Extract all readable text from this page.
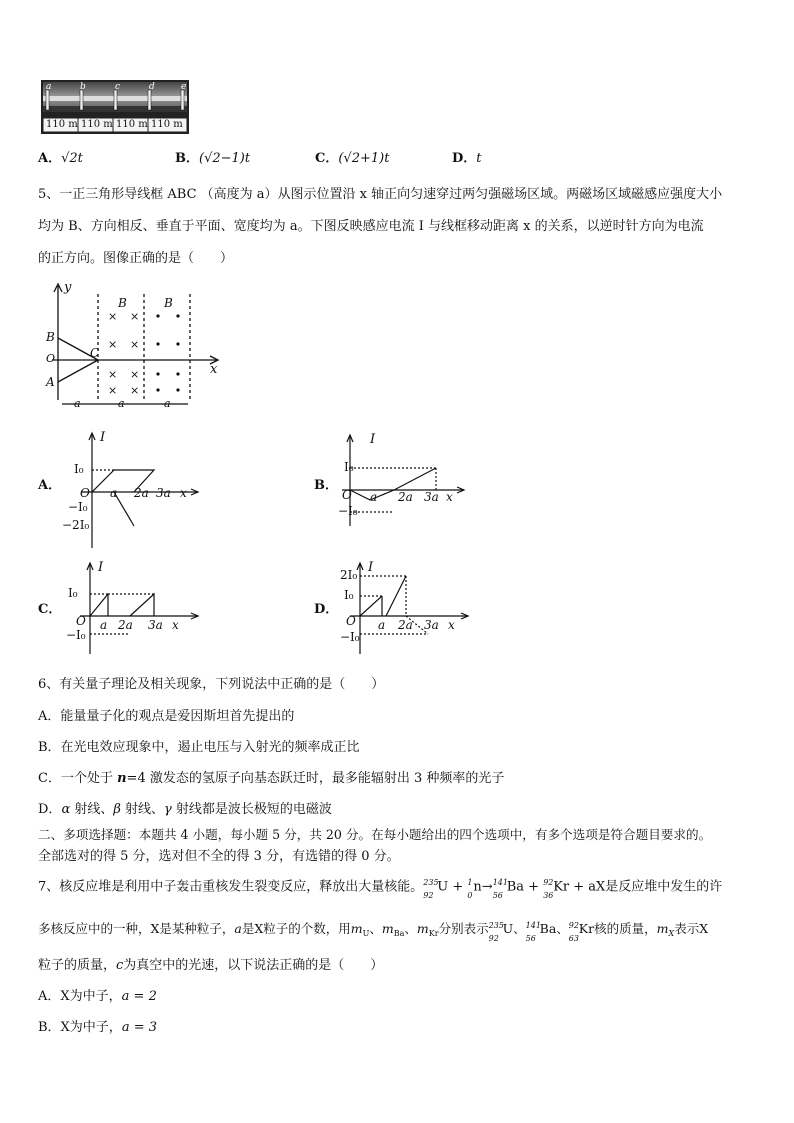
a	b	c	d	e
110 m 110 m 110 m 110 m
A．√2t	B．(√2−1)t	C．(√2+1)t	D．t
5、一正三角形导线框 ABC （高度为 a）从图示位置沿 x 轴正向匀速穿过两匀强磁场区域。两磁场区域磁感应强度大小
均为 B、方向相反、垂直于平面、宽度均为 a。下图反映感应电流 I 与线框移动距离 x 的关系，以逆时针方向为电流
的正方向。图像正确的是（　　）
× ×
× ×
× ×
× ×
y
x
O
B
A
C
B	B
a	a	a
A．
I
I₀
O
−I₀
−2I₀
a 2a 3a x	B．
I
I₀
O
−I₀
a 2a 3a x
C．
I
I₀
O
−I₀
a 2a 3a x
D．
I
2I₀
I₀
O
−I₀
a 2a 3a x
6、有关量子理论及相关现象，下列说法中正确的是（　　）
A．能量量子化的观点是爱因斯坦首先提出的
B．在光电效应现象中，遏止电压与入射光的频率成正比
C．一个处于 n=4 激发态的氢原子向基态跃迁时，最多能辐射出 3 种频率的光子
D．α 射线、β 射线、γ 射线都是波长极短的电磁波
二、多项选择题：本题共 4 小题，每小题 5 分，共 20 分。在每小题给出的四个选项中，有多个选项是符合题目要求的。
全部选对的得 5 分，选对但不全的得 3 分，有选错的得 0 分。
7、核反应堆是利用中子轰击重核发生裂变反应，释放出大量核能。 235
92
U + 1
0
n→ 141
56
Ba + 92
36
Kr + aX是反应堆中发生的许
多核反应中的一种，X是某种粒子，a是X粒子的个数，用$m_U$、$m_{Ba}$、$m_{Kr}$分别表示 235
92
U、 141
56
Ba、 92
63
Kr核的质量，$m_X$表示X
粒子的质量，c为真空中的光速，以下说法正确的是（　　）
A．X为中子，a = 2
B．X为中子，a = 3
